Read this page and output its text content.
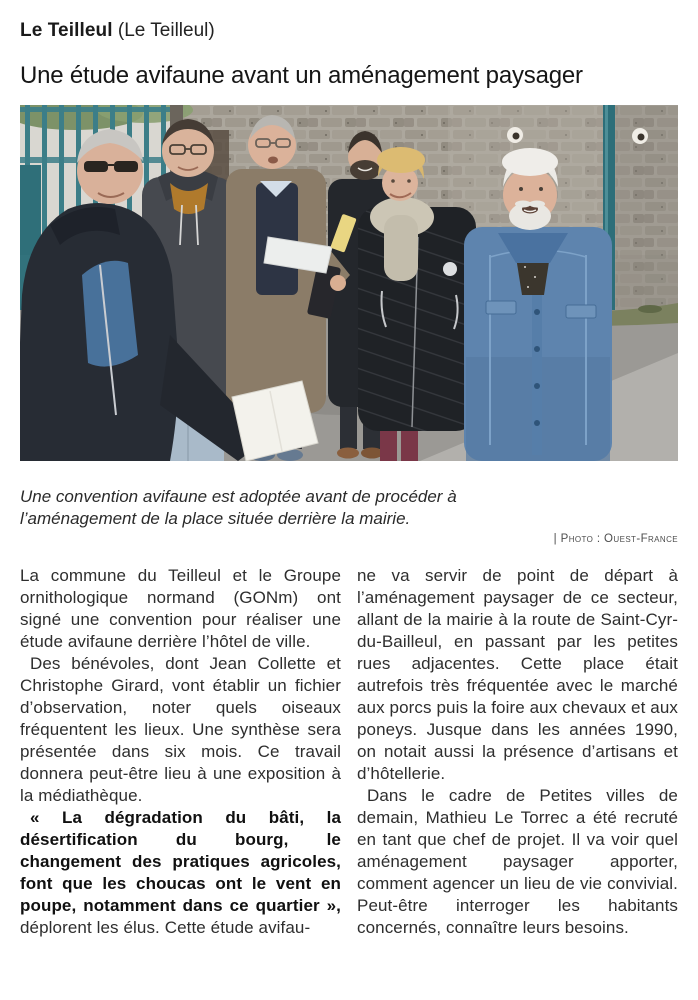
Le Teilleul (Le Teilleul)

Une étude avifaune avant un aménagement paysager

Une convention avifaune est adoptée avant de procéder à l’aménagement de la place située derrière la mairie.

| Photo : Ouest-France

La commune du Teilleul et le Groupe ornithologique normand (GONm) ont signé une convention pour réaliser une étude avifaune derrière l’hôtel de ville.

Des bénévoles, dont Jean Collette et Christophe Girard, vont établir un fichier d’observation, noter quels oiseaux fréquentent les lieux. Une synthèse sera présentée dans six mois. Ce travail donnera peut-être lieu à une exposition à la médiathèque.

« La dégradation du bâti, la désertification du bourg, le changement des pratiques agricoles, font que les choucas ont le vent en poupe, notamment dans ce quartier », déplorent les élus. Cette étude avifau-

ne va servir de point de départ à l’aménagement paysager de ce secteur, allant de la mairie à la route de Saint-Cyr-du-Bailleul, en passant par les petites rues adjacentes. Cette place était autrefois très fréquentée avec le marché aux porcs puis la foire aux chevaux et aux poneys. Jusque dans les années 1990, on notait aussi la présence d’artisans et d’hôtellerie.

Dans le cadre de Petites villes de demain, Mathieu Le Torrec a été recruté en tant que chef de projet. Il va voir quel aménagement paysager apporter, comment agencer un lieu de vie convivial. Peut-être interroger les habitants concernés, connaître leurs besoins.
